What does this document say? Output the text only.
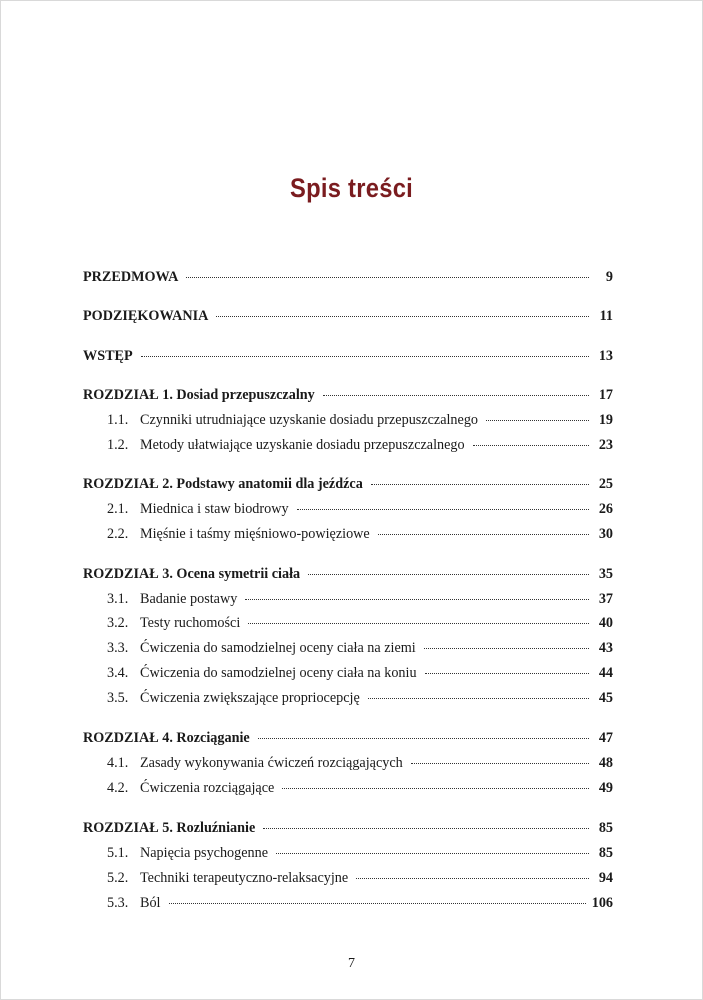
Spis treści
PRZEDMOWA	9
PODZIĘKOWANIA	11
WSTĘP	13
ROZDZIAŁ 1. Dosiad przepuszczalny	17
1.1. Czynniki utrudniające uzyskanie dosiadu przepuszczalnego	19
1.2. Metody ułatwiające uzyskanie dosiadu przepuszczalnego	23
ROZDZIAŁ 2. Podstawy anatomii dla jeźdźca	25
2.1. Miednica i staw biodrowy	26
2.2. Mięśnie i taśmy mięśniowo-powięziowe	30
ROZDZIAŁ 3. Ocena symetrii ciała	35
3.1. Badanie postawy	37
3.2. Testy ruchomości	40
3.3. Ćwiczenia do samodzielnej oceny ciała na ziemi	43
3.4. Ćwiczenia do samodzielnej oceny ciała na koniu	44
3.5. Ćwiczenia zwiększające propriocepcję	45
ROZDZIAŁ 4. Rozciąganie	47
4.1. Zasady wykonywania ćwiczeń rozciągających	48
4.2. Ćwiczenia rozciągające	49
ROZDZIAŁ 5. Rozluźnianie	85
5.1. Napięcia psychogenne	85
5.2. Techniki terapeutyczno-relaksacyjne	94
5.3. Ból	106
7
